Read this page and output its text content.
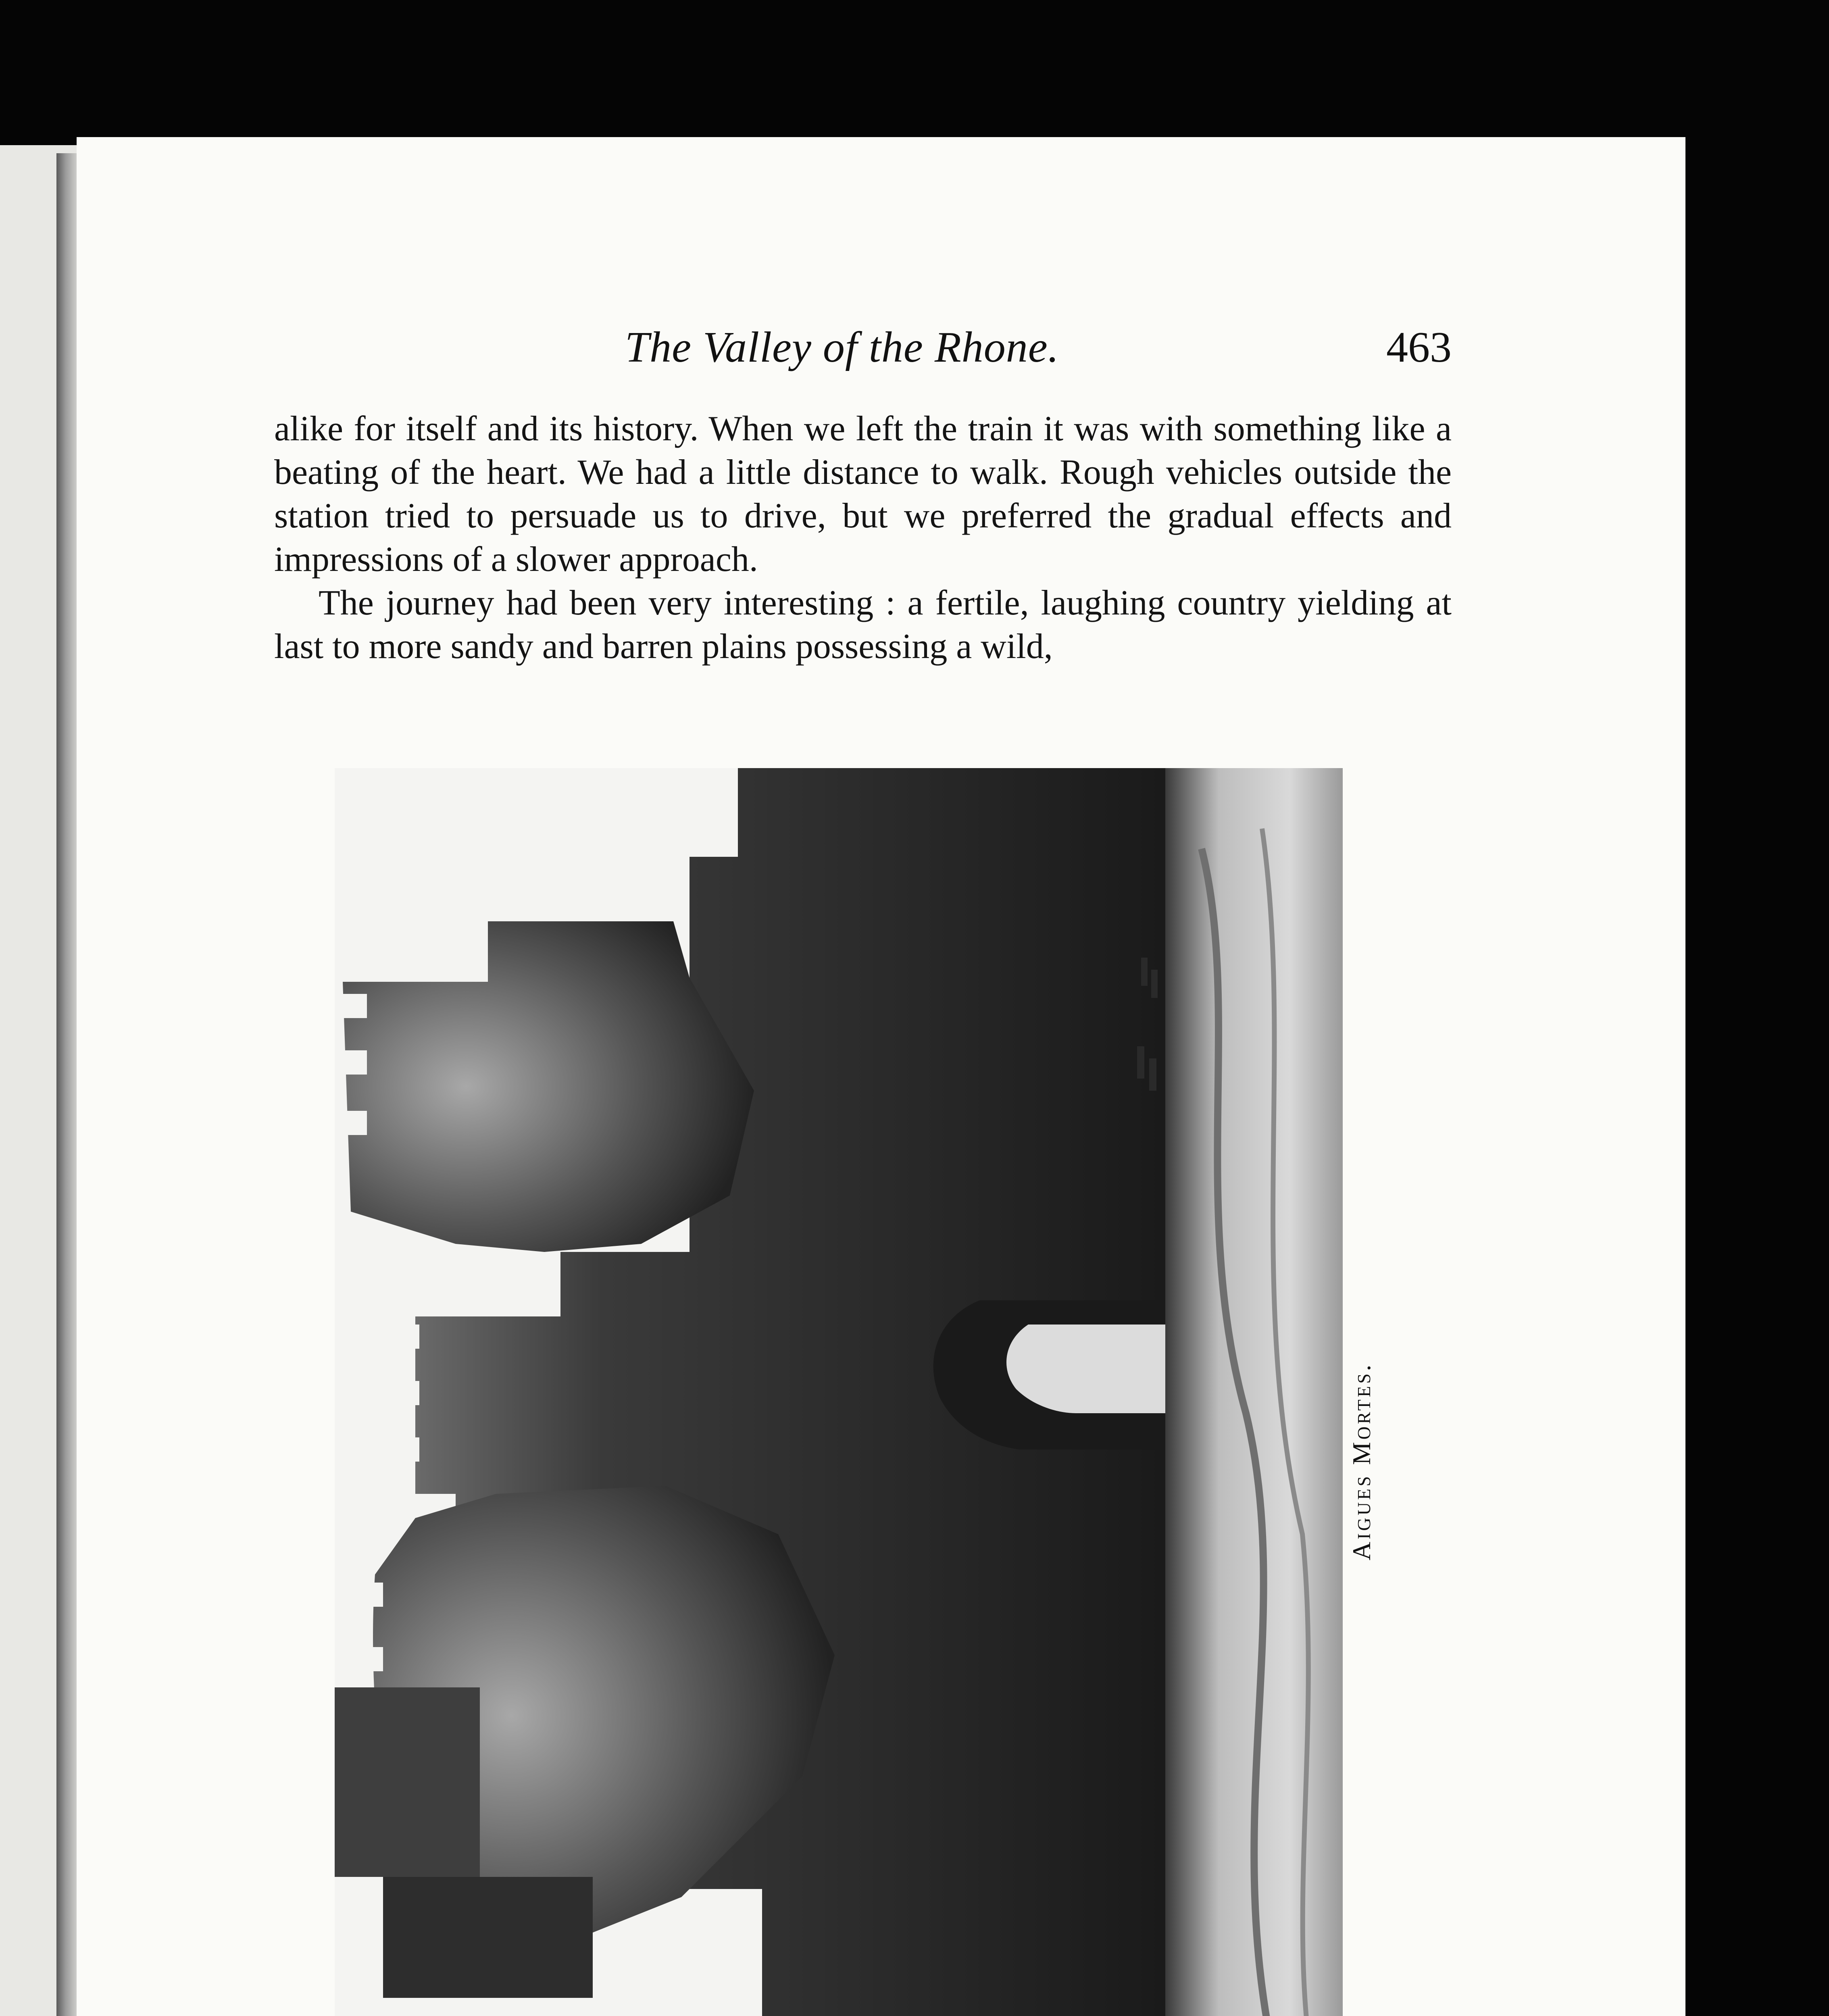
The Valley of the Rhone.	463

alike for itself and its history. When we left the train it was with something like a beating of the heart. We had a little distance to walk. Rough vehicles outside the station tried to persuade us to drive, but we preferred the gradual effects and impressions of a slower approach.

The journey had been very interesting : a fertile, laughing country yielding at last to more sandy and barren plains possessing a wild,
